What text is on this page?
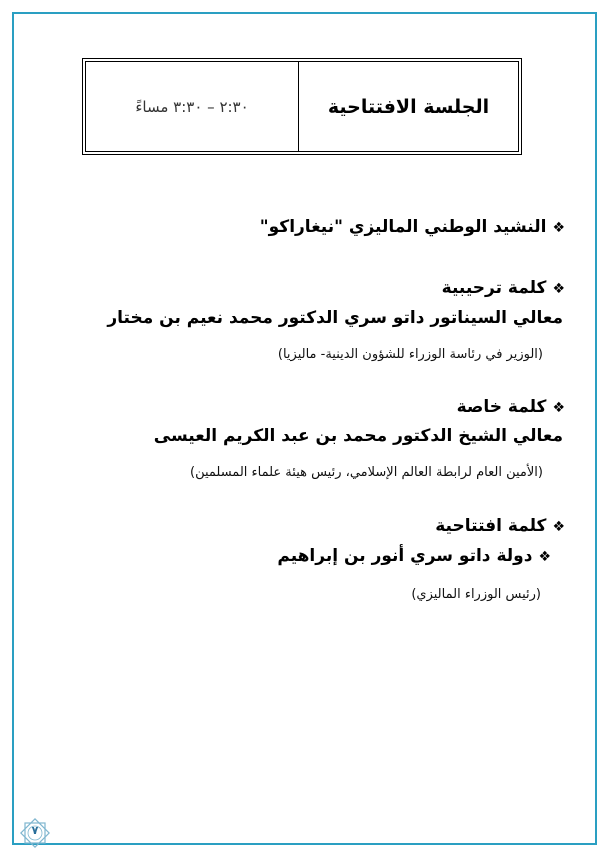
الجلسة الافتتاحية
٢:٣٠ – ٣:٣٠ مساءً
❖النشيد الوطني الماليزي "نيغاراكو"
❖كلمة ترحيبية
معالي السيناتور داتو سري الدكتور محمد نعيم بن مختار
(الوزير في رئاسة الوزراء للشؤون الدينية- ماليزيا)
❖كلمة خاصة
معالي الشيخ الدكتور محمد بن عبد الكريم العيسى
(الأمين العام لرابطة العالم الإسلامي، رئيس هيئة علماء المسلمين)
❖كلمة افتتاحية
❖دولة داتو سري أنور بن إبراهيم
(رئيس الوزراء الماليزي)
٧
